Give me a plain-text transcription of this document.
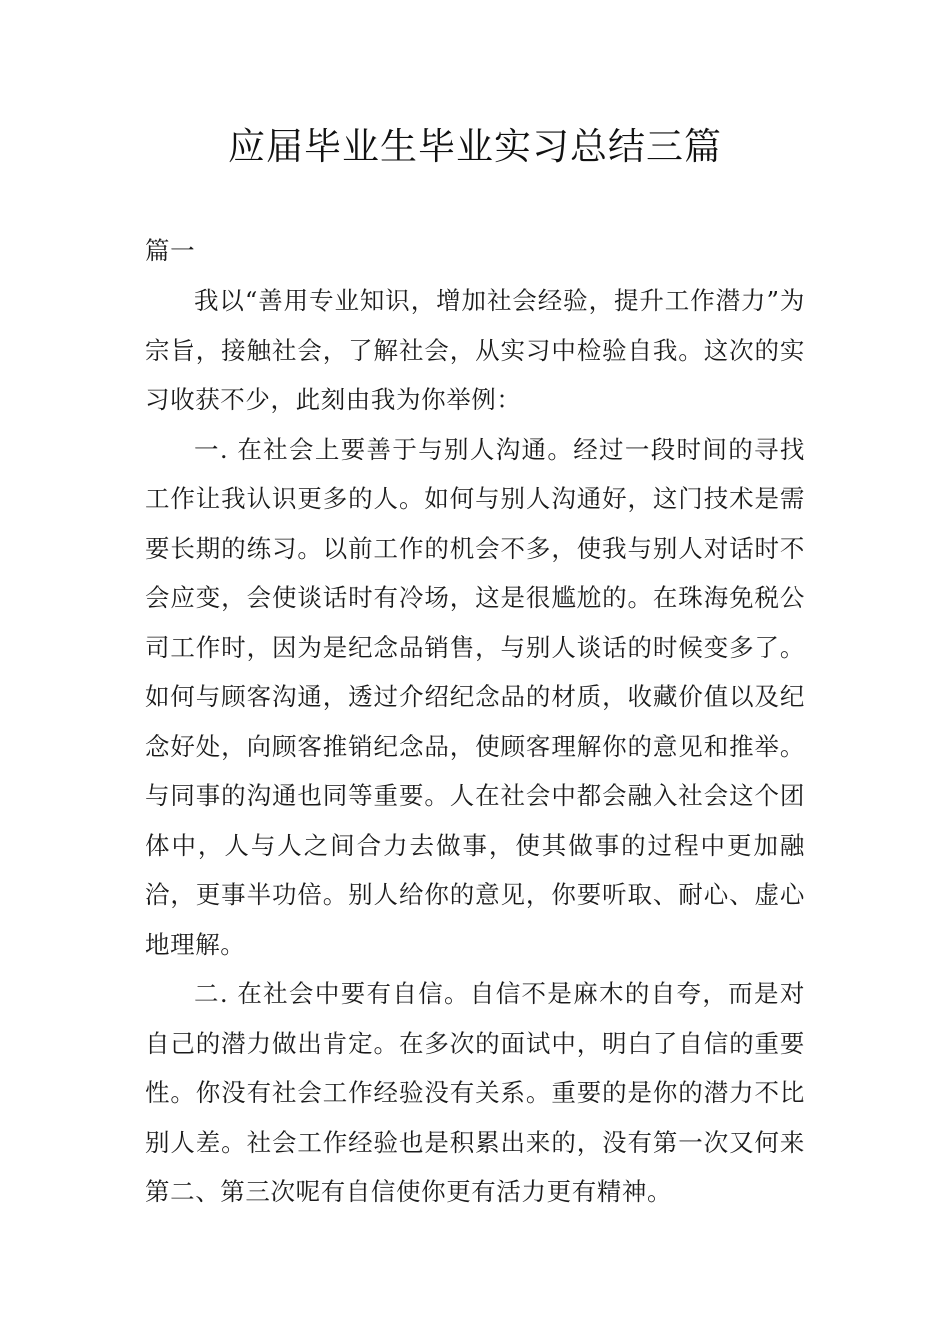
应届毕业生毕业实习总结三篇
篇一

我以“善用专业知识，增加社会经验，提升工作潜力”为宗旨，接触社会，了解社会，从实习中检验自我。这次的实习收获不少，此刻由我为你举例：

一. 在社会上要善于与别人沟通。经过一段时间的寻找工作让我认识更多的人。如何与别人沟通好，这门技术是需要长期的练习。以前工作的机会不多，使我与别人对话时不会应变，会使谈话时有冷场，这是很尴尬的。在珠海免税公司工作时，因为是纪念品销售，与别人谈话的时候变多了。如何与顾客沟通，透过介绍纪念品的材质，收藏价值以及纪念好处，向顾客推销纪念品，使顾客理解你的意见和推举。与同事的沟通也同等重要。人在社会中都会融入社会这个团体中，人与人之间合力去做事，使其做事的过程中更加融洽，更事半功倍。别人给你的意见，你要听取、耐心、虚心地理解。

二. 在社会中要有自信。自信不是麻木的自夸，而是对自己的潜力做出肯定。在多次的面试中，明白了自信的重要性。你没有社会工作经验没有关系。重要的是你的潜力不比别人差。社会工作经验也是积累出来的，没有第一次又何来第二、第三次呢有自信使你更有活力更有精神。
